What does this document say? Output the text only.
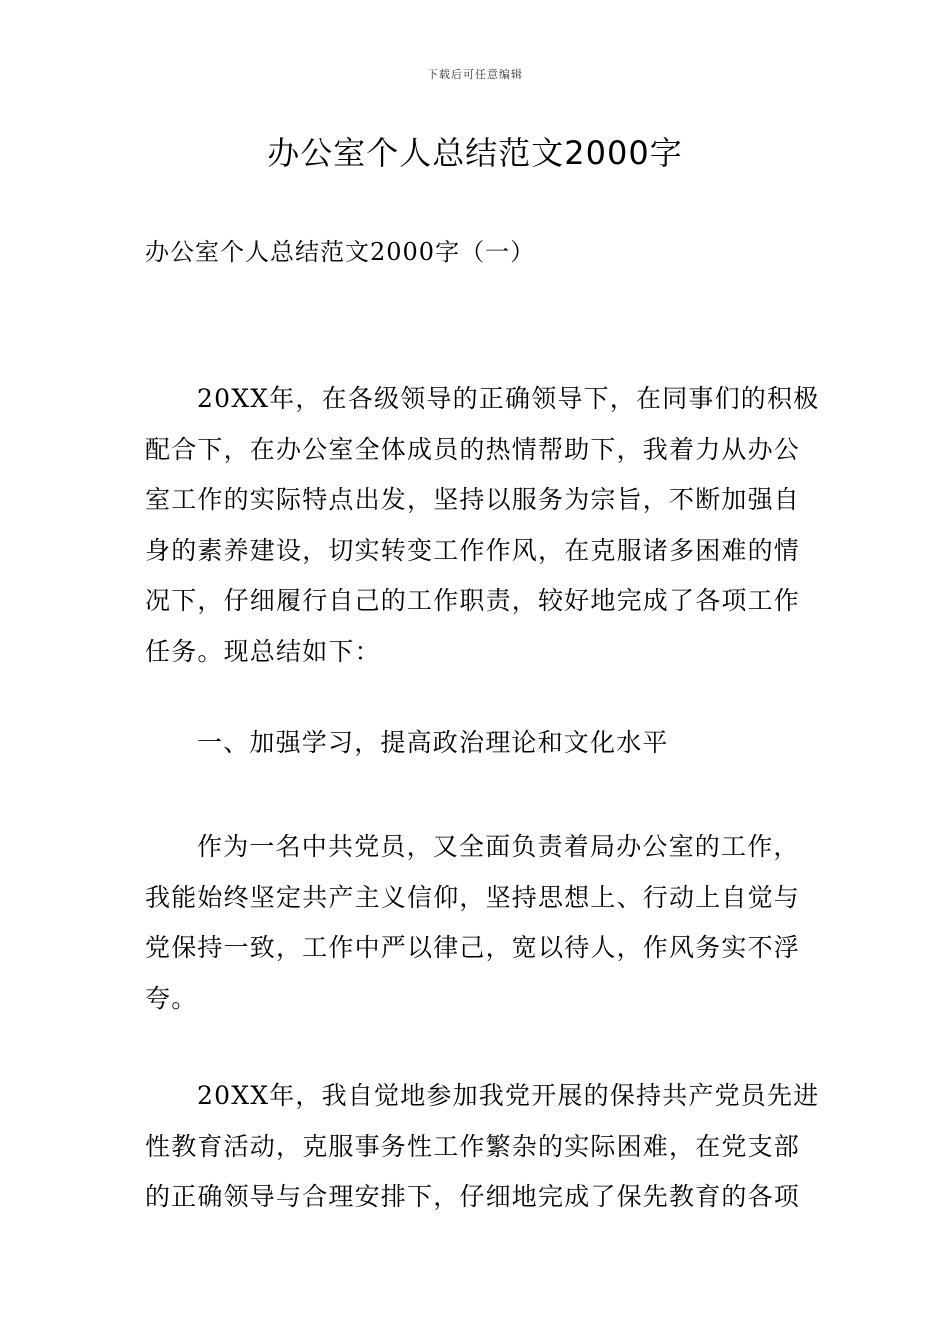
下载后可任意编辑
办公室个人总结范文2000字
办公室个人总结范文2000字（一）
20XX年，在各级领导的正确领导下，在同事们的积极
配合下，在办公室全体成员的热情帮助下，我着力从办公
室工作的实际特点出发，坚持以服务为宗旨，不断加强自
身的素养建设，切实转变工作作风，在克服诸多困难的情
况下，仔细履行自己的工作职责，较好地完成了各项工作
任务。现总结如下：
一、加强学习，提高政治理论和文化水平
作为一名中共党员，又全面负责着局办公室的工作，
我能始终坚定共产主义信仰，坚持思想上、行动上自觉与
党保持一致，工作中严以律己，宽以待人，作风务实不浮
夸。
20XX年，我自觉地参加我党开展的保持共产党员先进
性教育活动，克服事务性工作繁杂的实际困难，在党支部
的正确领导与合理安排下，仔细地完成了保先教育的各项
